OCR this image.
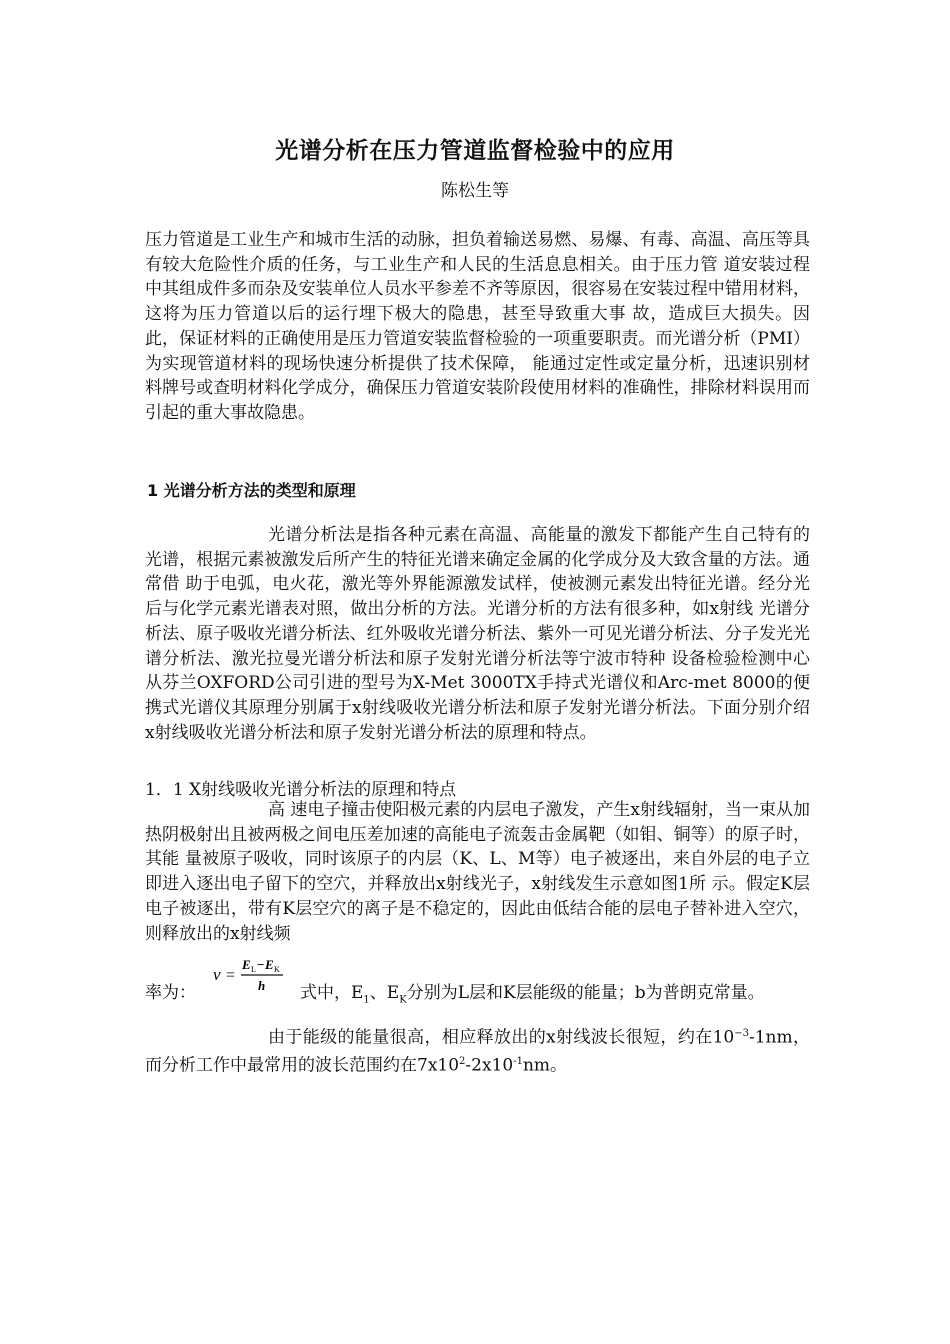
光谱分析在压力管道监督检验中的应用
陈松生等

压力管道是工业生产和城市生活的动脉，担负着输送易燃、易爆、有毒、高温、高压等具有较大危险性介质的任务，与工业生产和人民的生活息息相关。由于压力管 道安装过程中其组成件多而杂及安装单位人员水平参差不齐等原因，很容易在安装过程中错用材料，这将为压力管道以后的运行埋下极大的隐患，甚至导致重大事 故，造成巨大损失。因此，保证材料的正确使用是压力管道安装监督检验的一项重要职责。而光谱分析（PMI）为实现管道材料的现场快速分析提供了技术保障， 能通过定性或定量分析，迅速识别材料牌号或查明材料化学成分，确保压力管道安装阶段使用材料的准确性，排除材料误用而引起的重大事故隐患。

1 光谱分析方法的类型和原理

光谱分析法是指各种元素在高温、高能量的激发下都能产生自己特有的光谱，根据元素被激发后所产生的特征光谱来确定金属的化学成分及大致含量的方法。通常借 助于电弧，电火花，激光等外界能源激发试样，使被测元素发出特征光谱。经分光后与化学元素光谱表对照，做出分析的方法。光谱分析的方法有很多种，如x射线 光谱分析法、原子吸收光谱分析法、红外吸收光谱分析法、紫外一可见光谱分析法、分子发光光谱分析法、激光拉曼光谱分析法和原子发射光谱分析法等宁波市特种 设备检验检测中心从芬兰OXFORD公司引进的型号为X-Met 3000TX手持式光谱仪和Arc-met 8000的便携式光谱仪其原理分别属于x射线吸收光谱分析法和原子发射光谱分析法。下面分别介绍x射线吸收光谱分析法和原子发射光谱分析法的原理和特点。

1．1 X射线吸收光谱分析法的原理和特点

高 速电子撞击使阳极元素的内层电子激发，产生x射线辐射，当一束从加热阴极射出且被两极之间电压差加速的高能电子流轰击金属靶（如钼、铜等）的原子时，其能 量被原子吸收，同时该原子的内层（K、L、M等）电子被逐出，来自外层的电子立即进入逐出电子留下的空穴，并释放出x射线光子，x射线发生示意如图1所 示。假定K层电子被逐出，带有K层空穴的离子是不稳定的，因此由低结合能的层电子替补进入空穴，则释放出的x射线频

率为：
ν =
E L − E K
h 式中，$E_1$、$E_K$分别为L层和K层能级的能量；b为普朗克常量。

由于能级的能量很高，相应释放出的x射线波长很短，约在$10^{-3}-1nm$，而分析工作中最常用的波长范围约在$7x10^2-2x10^{-1}nm$。
